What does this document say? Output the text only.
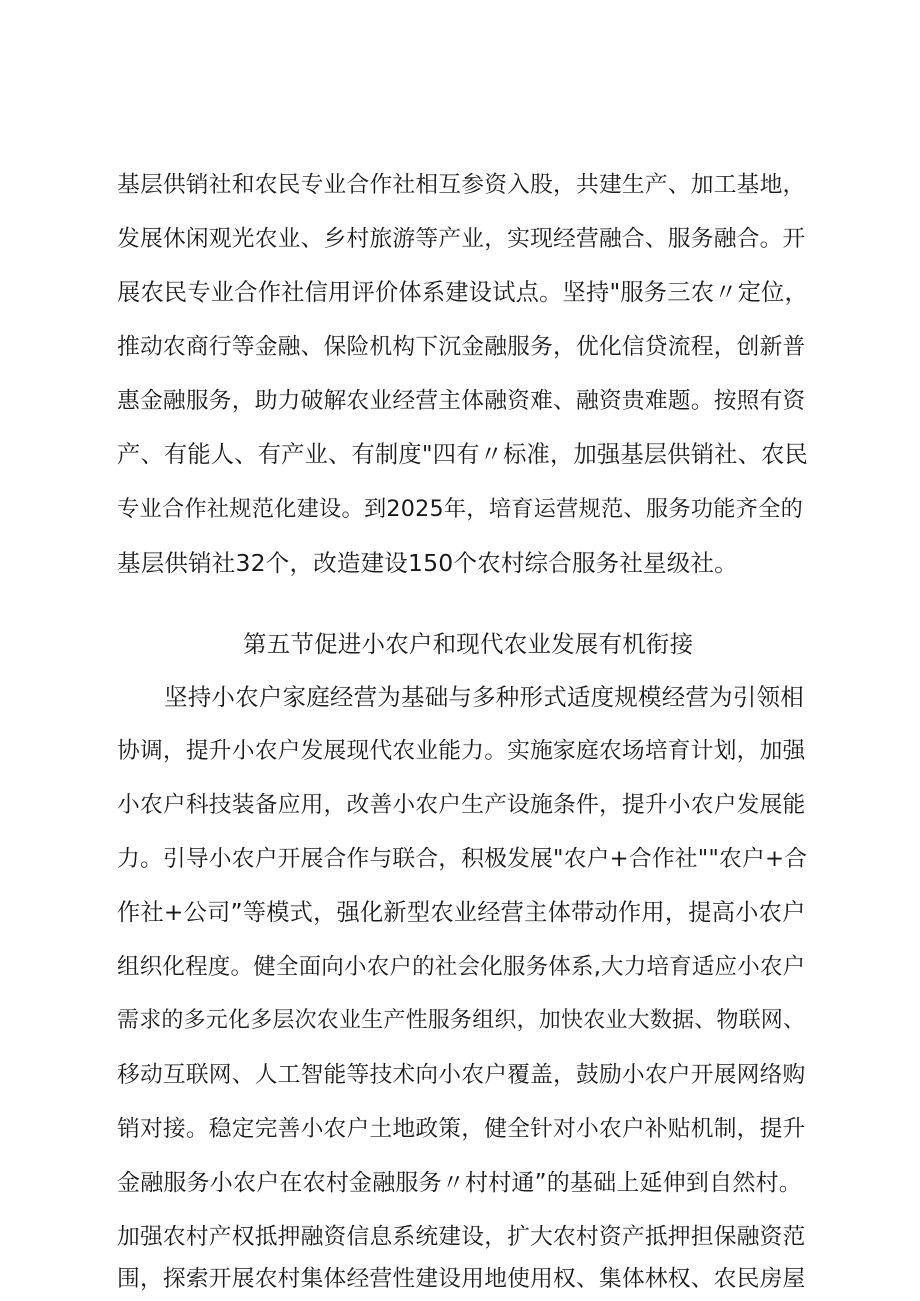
基层供销社和农民专业合作社相互参资入股，共建生产、加工基地，
发展休闲观光农业、乡村旅游等产业，实现经营融合、服务融合。开
展农民专业合作社信用评价体系建设试点。坚持"服务三农〃定位，
推动农商行等金融、保险机构下沉金融服务，优化信贷流程，创新普
惠金融服务，助力破解农业经营主体融资难、融资贵难题。按照有资
产、有能人、有产业、有制度"四有〃标准，加强基层供销社、农民
专业合作社规范化建设。到2025年，培育运营规范、服务功能齐全的
基层供销社32个，改造建设150个农村综合服务社星级社。
第五节促进小农户和现代农业发展有机衔接
坚持小农户家庭经营为基础与多种形式适度规模经营为引领相
协调，提升小农户发展现代农业能力。实施家庭农场培育计划，加强
小农户科技装备应用，改善小农户生产设施条件，提升小农户发展能
力。引导小农户开展合作与联合，积极发展"农户+合作社""农户+合
作社+公司”等模式，强化新型农业经营主体带动作用，提高小农户
组织化程度。健全面向小农户的社会化服务体系,大力培育适应小农户
需求的多元化多层次农业生产性服务组织，加快农业大数据、物联网、
移动互联网、人工智能等技术向小农户覆盖，鼓励小农户开展网络购
销对接。稳定完善小农户土地政策，健全针对小农户补贴机制，提升
金融服务小农户在农村金融服务〃村村通”的基础上延伸到自然村。
加强农村产权抵押融资信息系统建设，扩大农村资产抵押担保融资范
围，探索开展农村集体经营性建设用地使用权、集体林权、农民房屋
